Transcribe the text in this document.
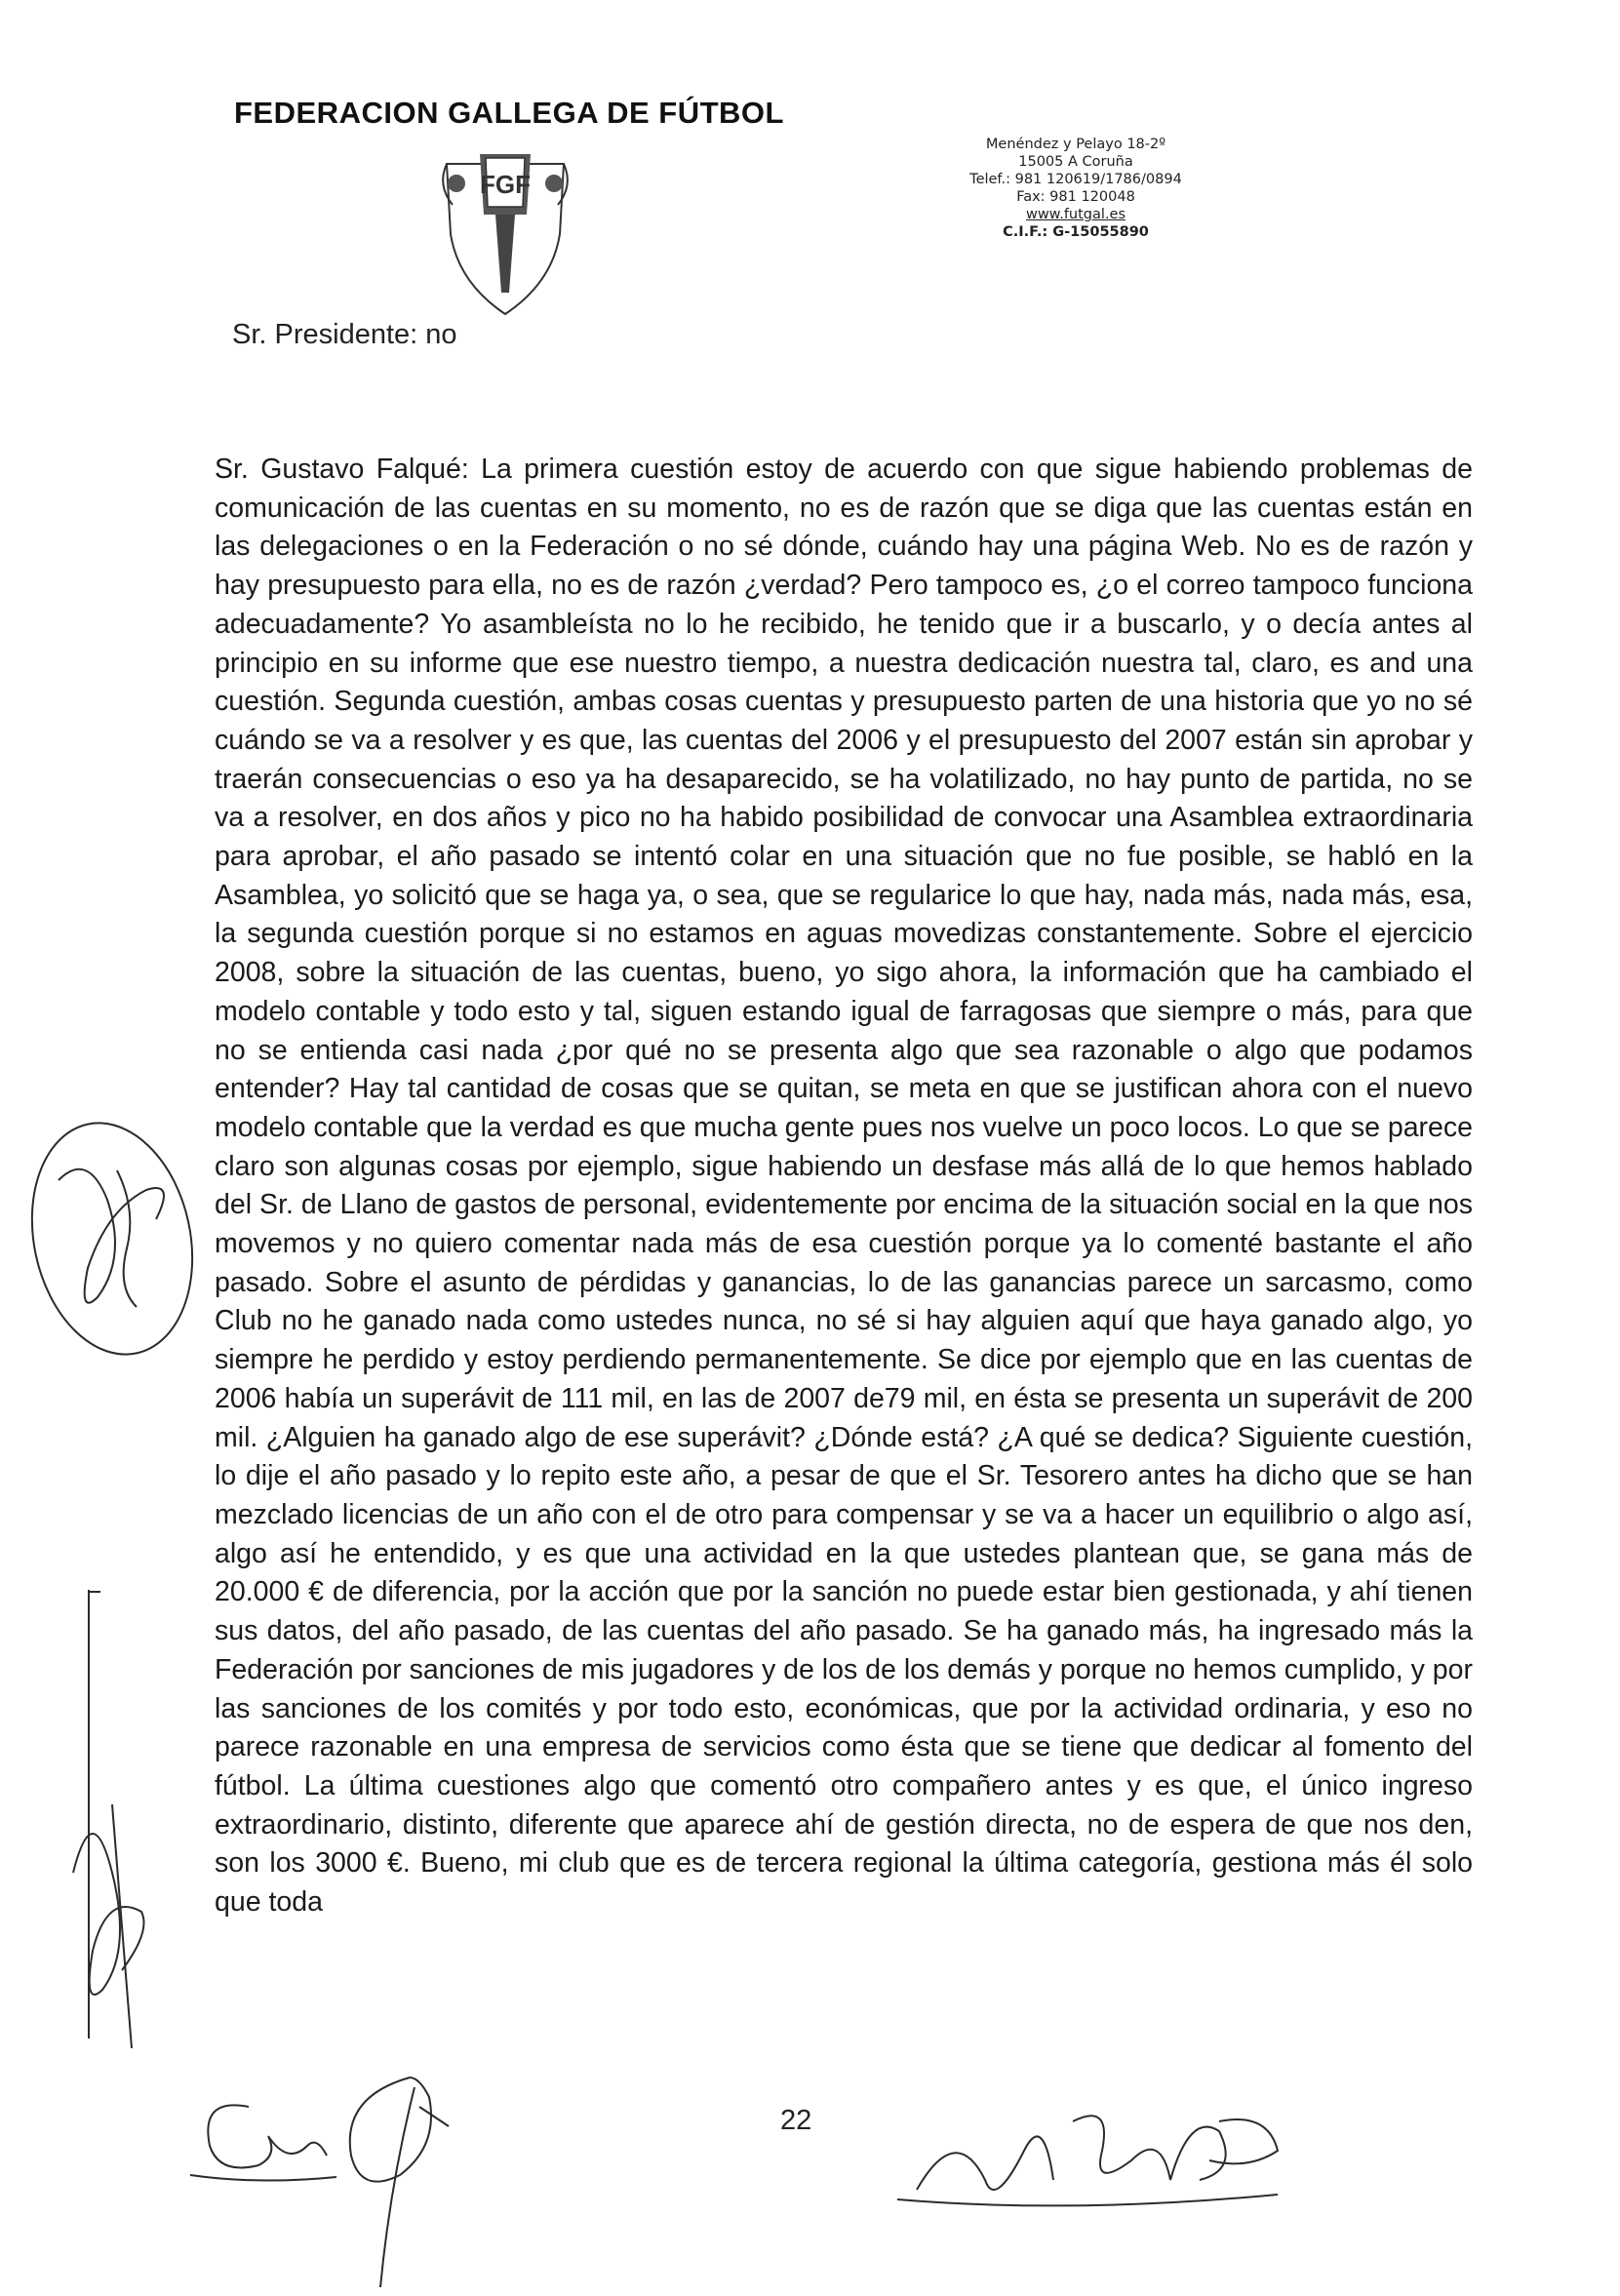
FEDERACION GALLEGA DE FÚTBOL
FGF
Menéndez y Pelayo 18-2º
15005 A Coruña
Telef.: 981 120619/1786/0894
Fax: 981 120048
www.futgal.es
C.I.F.: G-15055890
Sr. Presidente: no
Sr. Gustavo Falqué: La primera cuestión estoy de acuerdo con que sigue habiendo problemas de comunicación de las cuentas en su momento, no es de razón que se diga que las cuentas están en las delegaciones o en la Federación o no sé dónde, cuándo hay una página Web. No es de razón y hay presupuesto para ella, no es de razón ¿verdad? Pero tampoco es, ¿o el correo tampoco funciona adecuadamente? Yo asambleísta no lo he recibido, he tenido que ir a buscarlo, y o decía antes al principio en su informe que ese nuestro tiempo, a nuestra dedicación nuestra tal, claro, es and una cuestión. Segunda cuestión, ambas cosas cuentas y presupuesto parten de una historia que yo no sé cuándo se va a resolver y es que, las cuentas del 2006 y el presupuesto del 2007 están sin aprobar y traerán consecuencias o eso ya ha desaparecido, se ha volatilizado, no hay punto de partida, no se va a resolver, en dos años y pico no ha habido posibilidad de convocar una Asamblea extraordinaria para aprobar, el año pasado se intentó colar en una situación que no fue posible, se habló en la Asamblea, yo solicitó que se haga ya, o sea, que se regularice lo que hay, nada más, nada más, esa, la segunda cuestión porque si no estamos en aguas movedizas constantemente. Sobre el ejercicio 2008, sobre la situación de las cuentas, bueno, yo sigo ahora, la información que ha cambiado el modelo contable y todo esto y tal, siguen estando igual de farragosas que siempre o más, para que no se entienda casi nada ¿por qué no se presenta algo que sea razonable o algo que podamos entender? Hay tal cantidad de cosas que se quitan, se meta en que se justifican ahora con el nuevo modelo contable que la verdad es que mucha gente pues nos vuelve un poco locos. Lo que se parece claro son algunas cosas por ejemplo, sigue habiendo un desfase más allá de lo que hemos hablado del Sr. de Llano de gastos de personal, evidentemente por encima de la situación social en la que nos movemos y no quiero comentar nada más de esa cuestión porque ya lo comenté bastante el año pasado. Sobre el asunto de pérdidas y ganancias, lo de las ganancias parece un sarcasmo, como Club no he ganado nada como ustedes nunca, no sé si hay alguien aquí que haya ganado algo, yo siempre he perdido y estoy perdiendo permanentemente. Se dice por ejemplo que en las cuentas de 2006 había un superávit de 111 mil, en las de 2007 de79 mil, en ésta se presenta un superávit de 200 mil. ¿Alguien ha ganado algo de ese superávit? ¿Dónde está? ¿A qué se dedica? Siguiente cuestión, lo dije el año pasado y lo repito este año, a pesar de que el Sr. Tesorero antes ha dicho que se han mezclado licencias de un año con el de otro para compensar y se va a hacer un equilibrio o algo así, algo así he entendido, y es que una actividad en la que ustedes plantean que, se gana más de 20.000 € de diferencia, por la acción que por la sanción no puede estar bien gestionada, y ahí tienen sus datos, del año pasado, de las cuentas del año pasado. Se ha ganado más, ha ingresado más la Federación por sanciones de mis jugadores y de los de los demás y porque no hemos cumplido, y por las sanciones de los comités y por todo esto, económicas, que por la actividad ordinaria, y eso no parece razonable en una empresa de servicios como ésta que se tiene que dedicar al fomento del fútbol. La última cuestiones algo que comentó otro compañero antes y es que, el único ingreso extraordinario, distinto, diferente que aparece ahí de gestión directa, no de espera de que nos den, son los 3000 €. Bueno, mi club que es de tercera regional la última categoría, gestiona más él solo que toda
22
